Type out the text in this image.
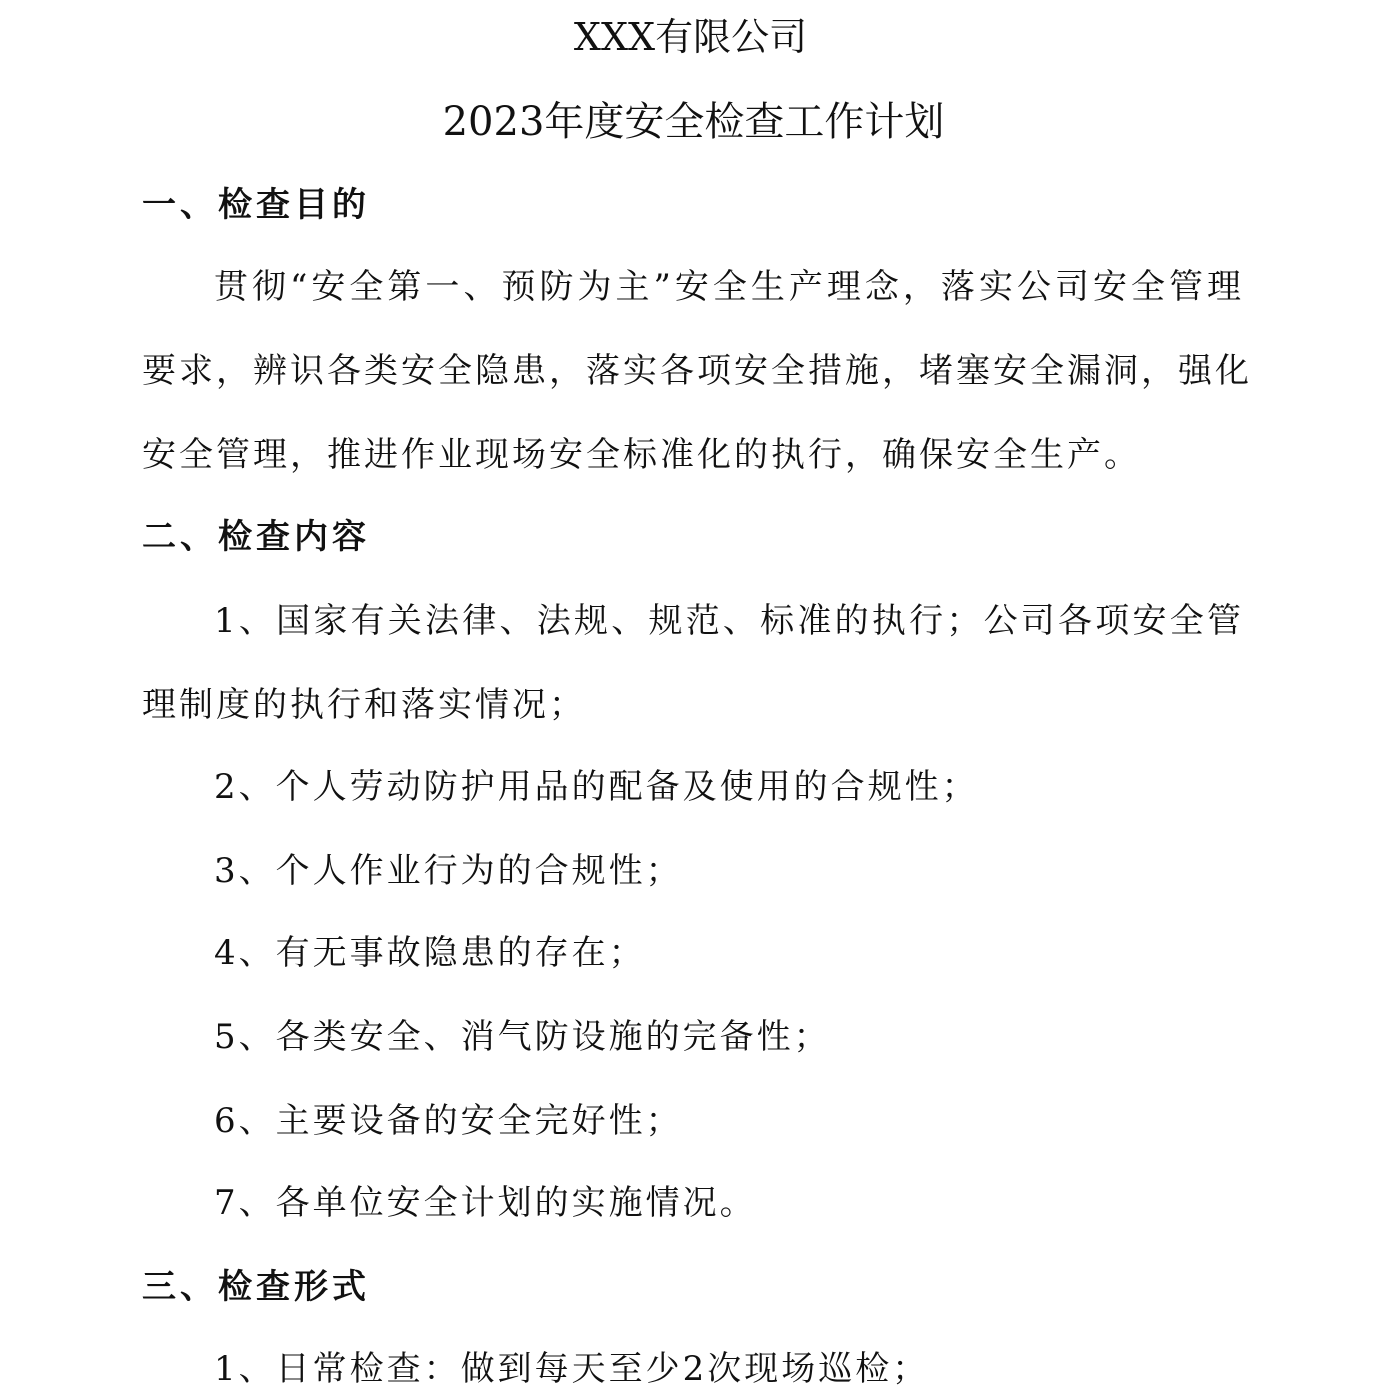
XXX有限公司
2023年度安全检查工作计划
一、检查目的
贯彻“安全第一、预防为主”安全生产理念，落实公司安全管理
要求，辨识各类安全隐患，落实各项安全措施，堵塞安全漏洞，强化
安全管理，推进作业现场安全标准化的执行，确保安全生产。
二、检查内容
1、国家有关法律、法规、规范、标准的执行；公司各项安全管
理制度的执行和落实情况；
2、个人劳动防护用品的配备及使用的合规性；
3、个人作业行为的合规性；
4、有无事故隐患的存在；
5、各类安全、消气防设施的完备性；
6、主要设备的安全完好性；
7、各单位安全计划的实施情况。
三、检查形式
1、日常检查：做到每天至少2次现场巡检；
